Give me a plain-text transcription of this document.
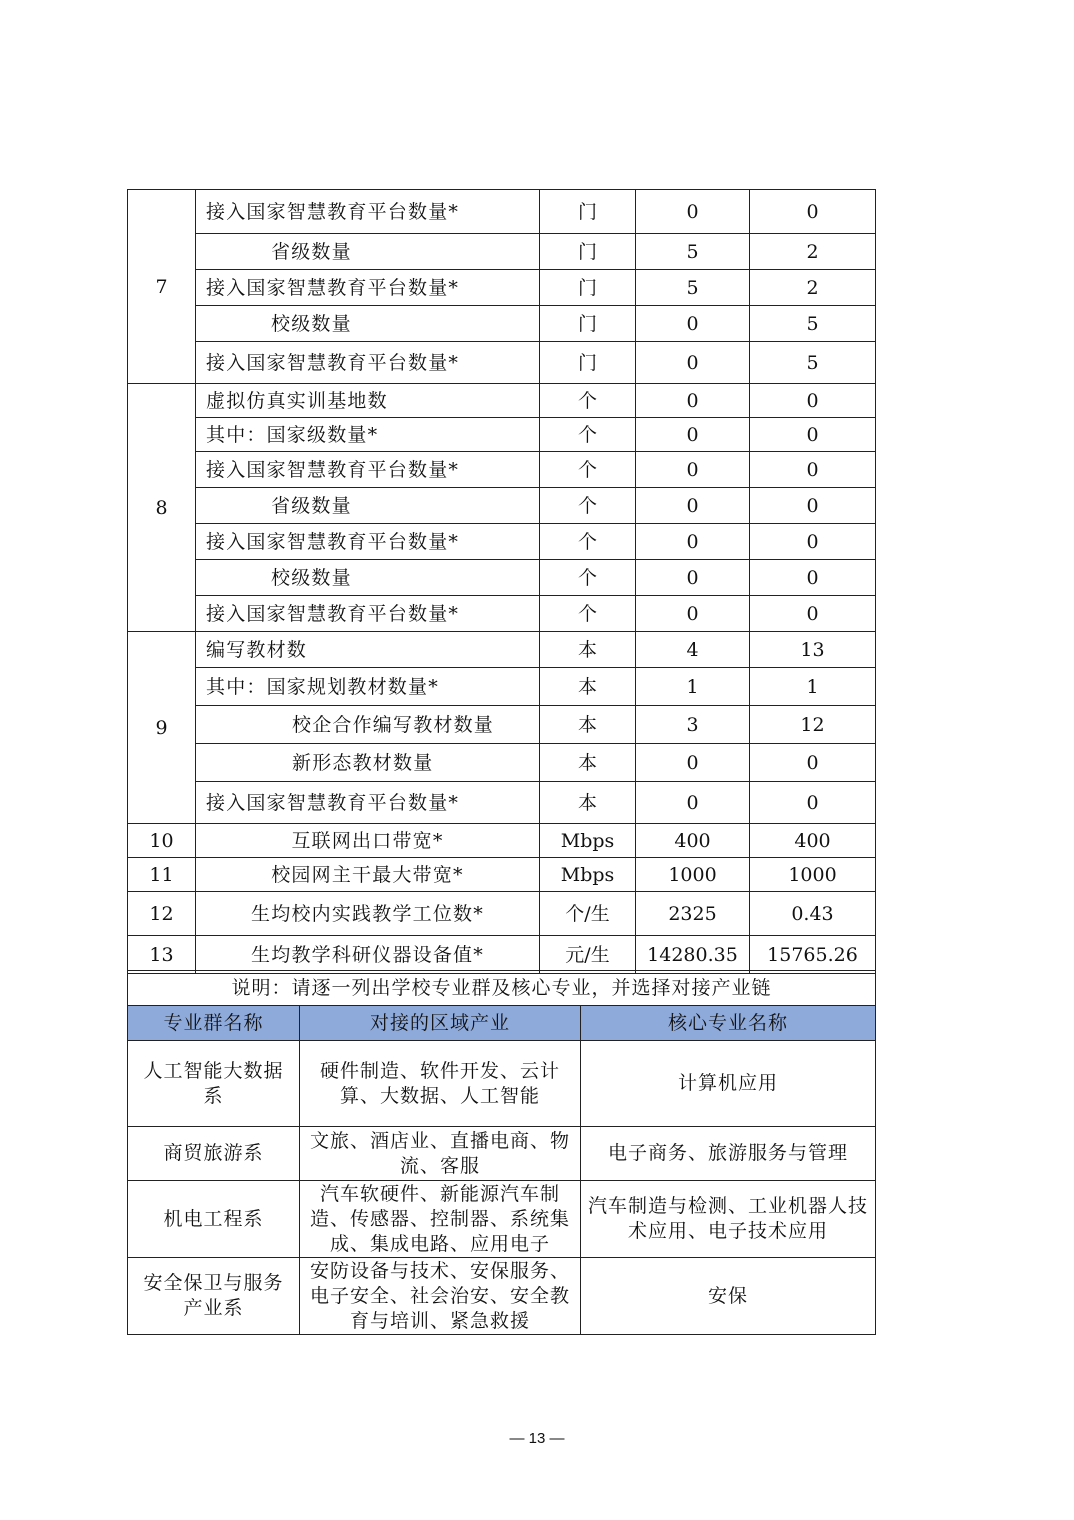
7	接入国家智慧教育平台数量*	门	0	0
	省级数量	门	5	2
	接入国家智慧教育平台数量*	门	5	2
	校级数量	门	0	5
	接入国家智慧教育平台数量*	门	0	5
8	虚拟仿真实训基地数	个	0	0
	其中：国家级数量*	个	0	0
	接入国家智慧教育平台数量*	个	0	0
	省级数量	个	0	0
	接入国家智慧教育平台数量*	个	0	0
	校级数量	个	0	0
	接入国家智慧教育平台数量*	个	0	0
9	编写教材数	本	4	13
	其中：国家规划教材数量*	本	1	1
	校企合作编写教材数量	本	3	12
	新形态教材数量	本	0	0
	接入国家智慧教育平台数量*	本	0	0
10	互联网出口带宽*	Mbps	400	400
11	校园网主干最大带宽*	Mbps	1000	1000
12	生均校内实践教学工位数*	个/生	2325	0.43
13	生均教学科研仪器设备值*	元/生	14280.35	15765.26
说明：请逐一列出学校专业群及核心专业，并选择对接产业链		
专业群名称	对接的区域产业	核心专业名称
人工智能大数据系	硬件制造、软件开发、云计算、大数据、人工智能	计算机应用
商贸旅游系	文旅、酒店业、直播电商、物流、客服	电子商务、旅游服务与管理
机电工程系	汽车软硬件、新能源汽车制造、传感器、控制器、系统集成、集成电路、应用电子	汽车制造与检测、工业机器人技术应用、电子技术应用
安全保卫与服务产业系	安防设备与技术、安保服务、电子安全、社会治安、安全教育与培训、紧急救援	安保
— 13 —
